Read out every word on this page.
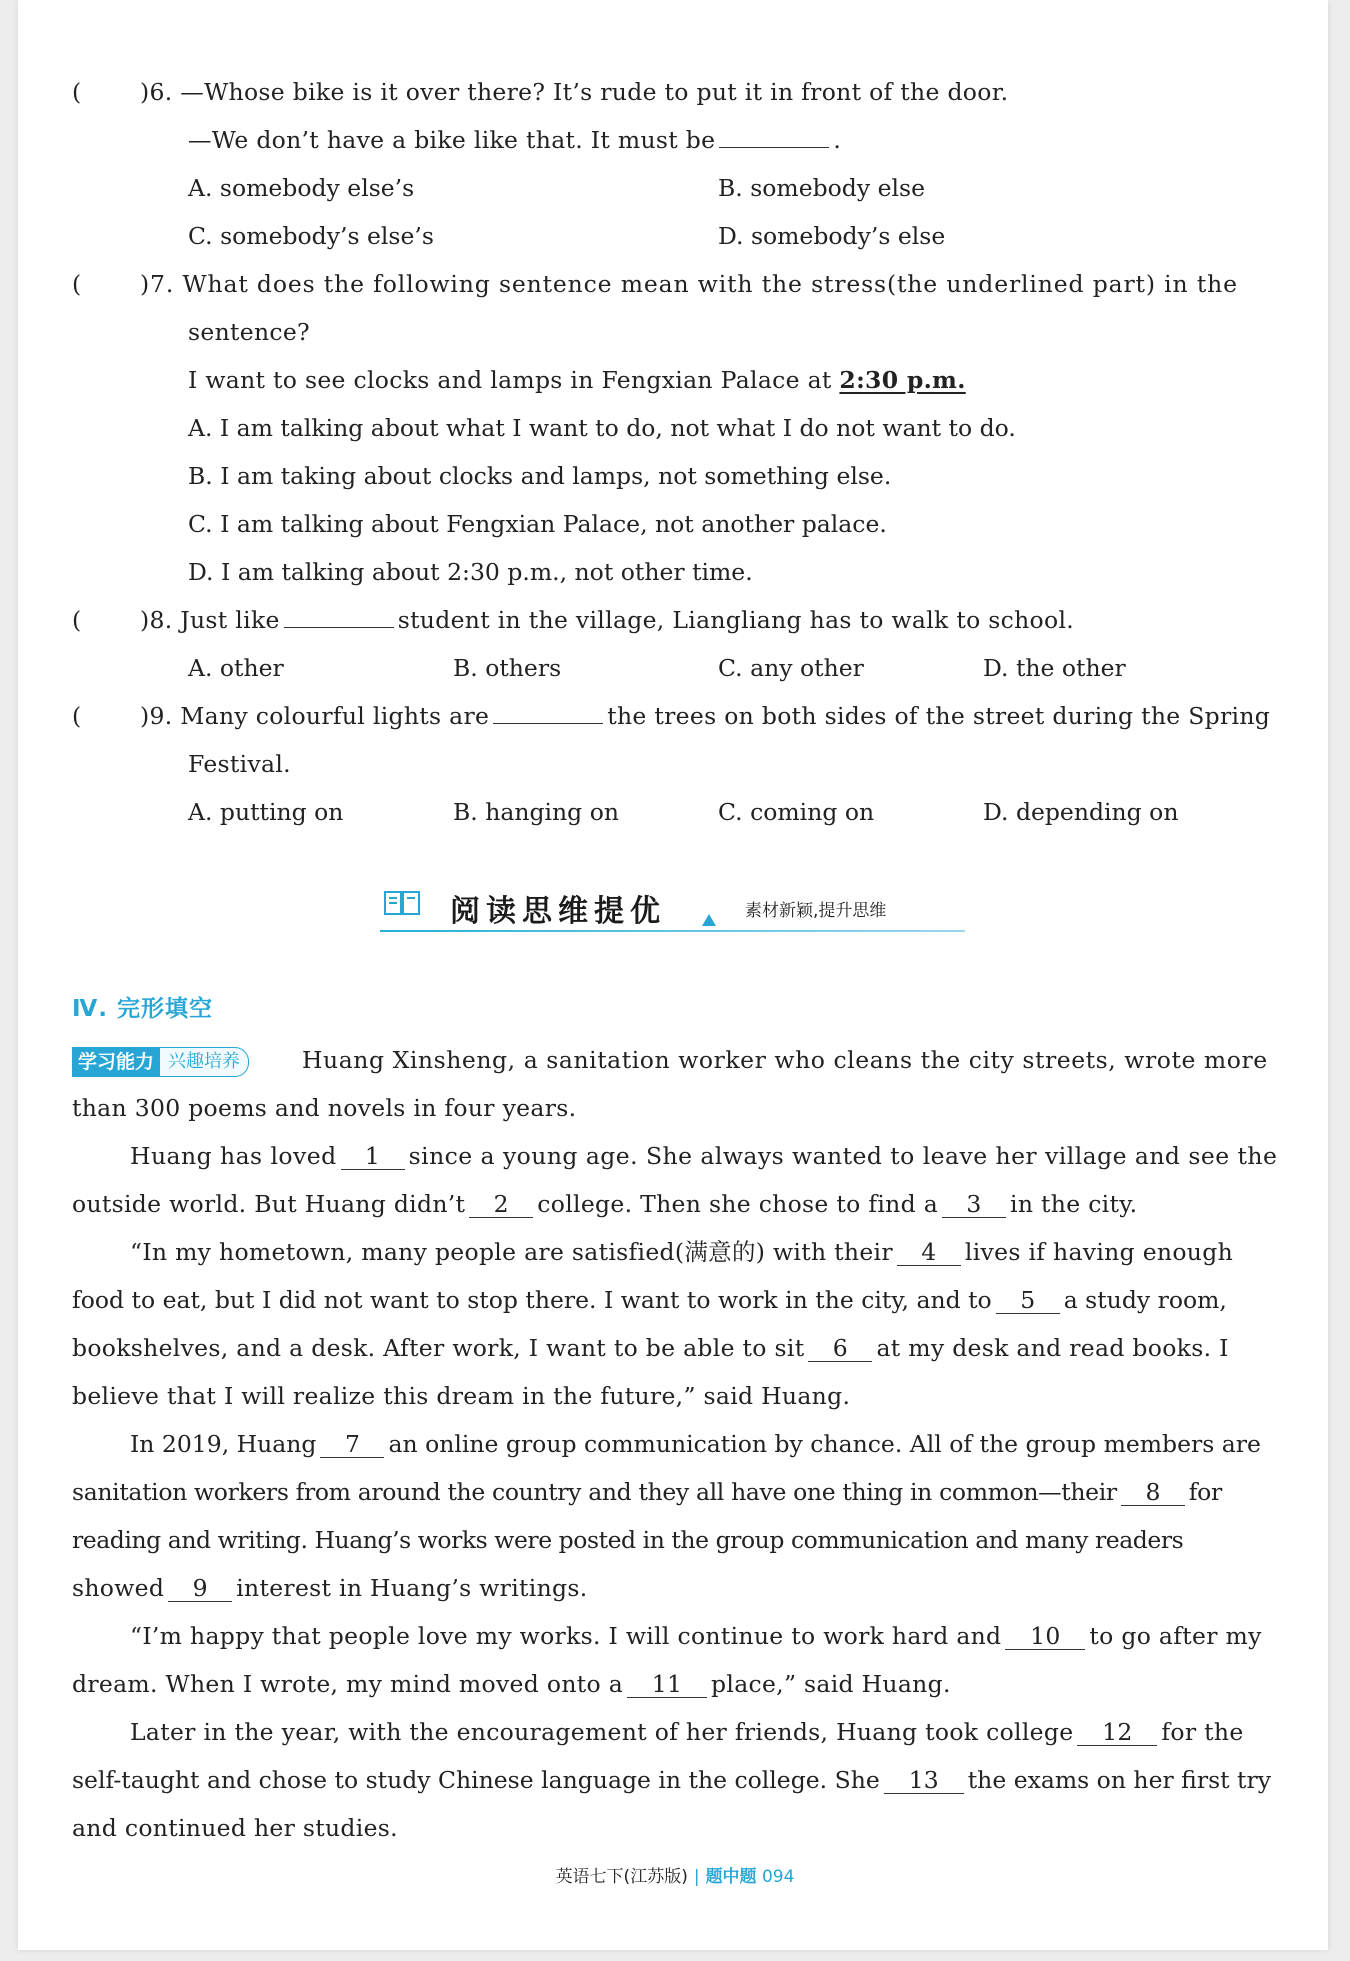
(	)6. —Whose bike is it over there? It’s rude to put it in front of the door.
—We don’t have a bike like that. It must be	.
A. somebody else’s	B. somebody else
C. somebody’s else’s	D. somebody’s else
(	)7. What does the following sentence mean with the stress(the underlined part) in the
sentence?
I want to see clocks and lamps in Fengxian Palace at 2:30 p.m.
A. I am talking about what I want to do, not what I do not want to do.
B. I am taking about clocks and lamps, not something else.
C. I am talking about Fengxian Palace, not another palace.
D. I am talking about 2:30 p.m., not other time.
(	)8. Just like	student in the village, Liangliang has to walk to school.
A. other	B. others	C. any other	D. the other
(	)9. Many colourful lights are	the trees on both sides of the street during the Spring
Festival.
A. putting on	B. hanging on	C. coming on	D. depending on
阅读思维提优	素材新颖,提升思维
Ⅳ. 完形填空
学习能力 兴趣培养	Huang Xinsheng, a sanitation worker who cleans the city streets, wrote more
than 300 poems and novels in four years.
Huang has loved 1 since a young age. She always wanted to leave her village and see the
outside world. But Huang didn’t 2 college. Then she chose to find a 3 in the city.
“In my hometown, many people are satisfied(满意的) with their 4 lives if having enough
food to eat, but I did not want to stop there. I want to work in the city, and to 5 a study room,
bookshelves, and a desk. After work, I want to be able to sit 6 at my desk and read books. I
believe that I will realize this dream in the future,” said Huang.
In 2019, Huang 7 an online group communication by chance. All of the group members are
sanitation workers from around the country and they all have one thing in common—their 8 for
reading and writing. Huang’s works were posted in the group communication and many readers
showed 9 interest in Huang’s writings.
“I’m happy that people love my works. I will continue to work hard and 10 to go after my
dream. When I wrote, my mind moved onto a 11 place,” said Huang.
Later in the year, with the encouragement of her friends, Huang took college 12 for the
self-taught and chose to study Chinese language in the college. She 13 the exams on her first try
and continued her studies.
英语七下(江苏版) | 题中题 094
